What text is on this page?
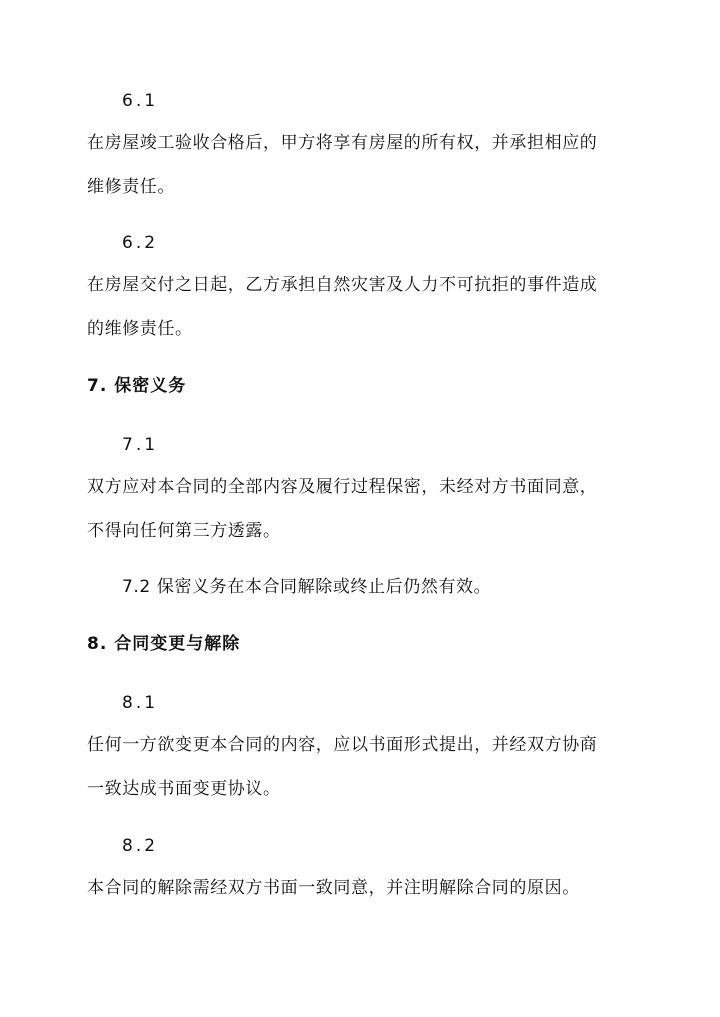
6.1
在房屋竣工验收合格后，甲方将享有房屋的所有权，并承担相应的
维修责任。
6.2
在房屋交付之日起，乙方承担自然灾害及人力不可抗拒的事件造成
的维修责任。
7. 保密义务
7.1
双方应对本合同的全部内容及履行过程保密，未经对方书面同意，
不得向任何第三方透露。
7.2 保密义务在本合同解除或终止后仍然有效。
8. 合同变更与解除
8.1
任何一方欲变更本合同的内容，应以书面形式提出，并经双方协商
一致达成书面变更协议。
8.2
本合同的解除需经双方书面一致同意，并注明解除合同的原因。
